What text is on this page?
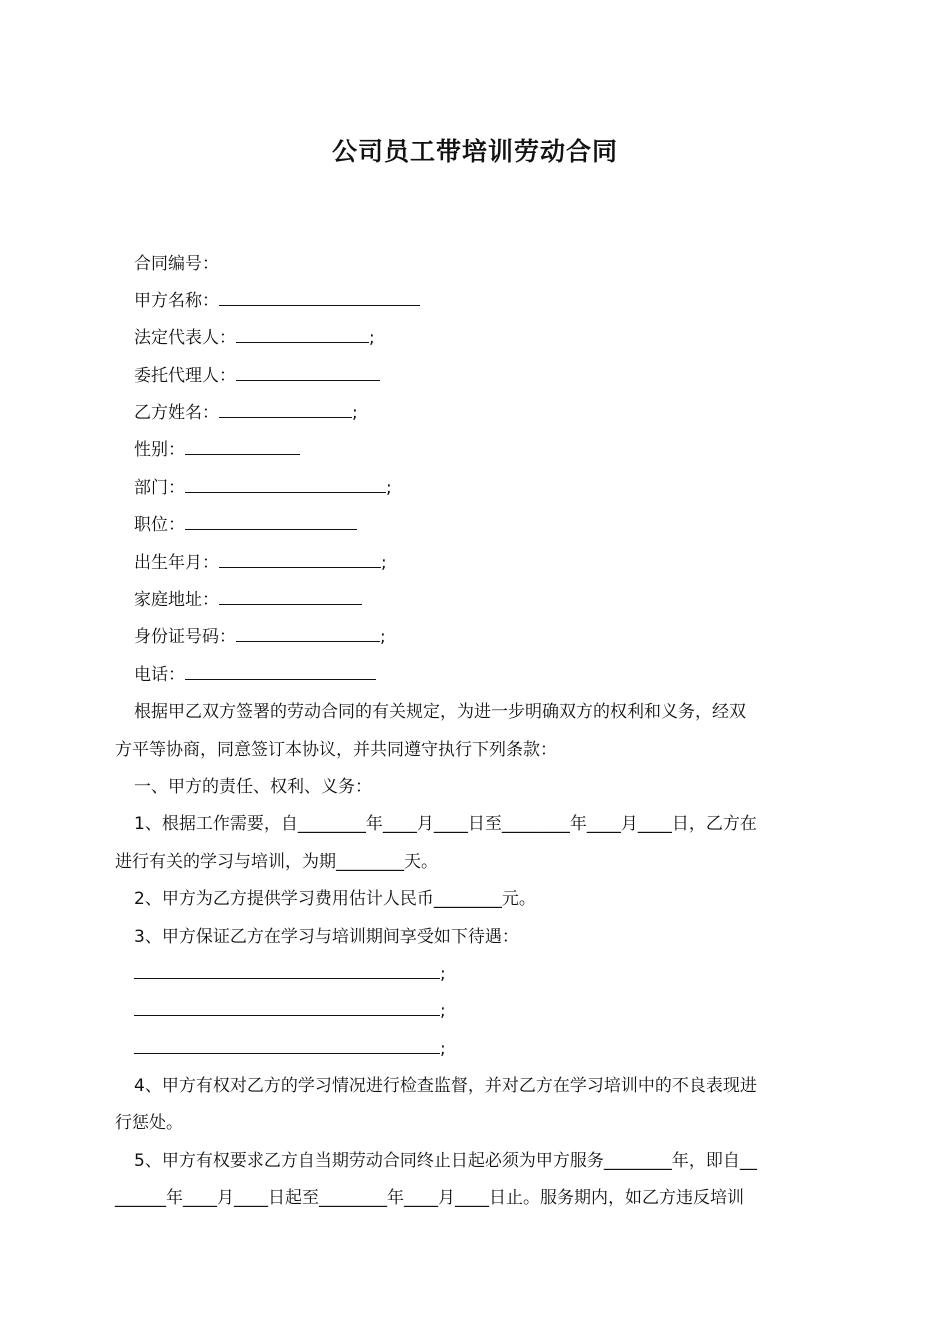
公司员工带培训劳动合同
合同编号：
甲方名称：
法定代表人：	;
委托代理人：
乙方姓名：	;
性别：
部门：	;
职位：
出生年月：	;
家庭地址：
身份证号码：	;
电话：
根据甲乙双方签署的劳动合同的有关规定，为进一步明确双方的权利和义务，经双
方平等协商，同意签订本协议，并共同遵守执行下列条款：
一、甲方的责任、权利、义务：
1、根据工作需要，自________年____月____日至________年____月____日，乙方在
进行有关的学习与培训，为期________天。
2、甲方为乙方提供学习费用估计人民币________元。
3、甲方保证乙方在学习与培训期间享受如下待遇：
;
;
;
4、甲方有权对乙方的学习情况进行检查监督，并对乙方在学习培训中的不良表现进
行惩处。
5、甲方有权要求乙方自当期劳动合同终止日起必须为甲方服务________年，即自__
______年____月____日起至________年____月____日止。服务期内，如乙方违反培训
